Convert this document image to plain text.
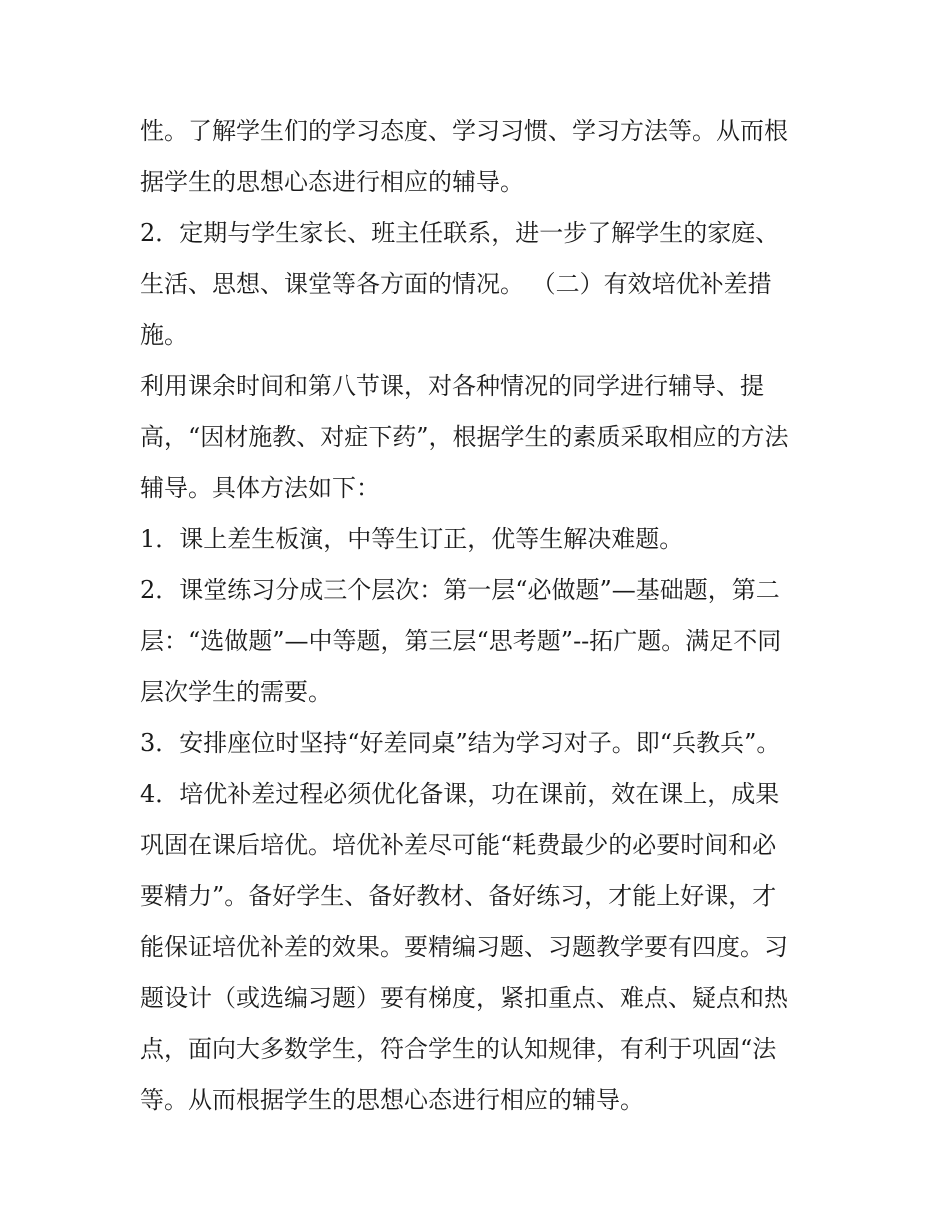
性。了解学生们的学习态度、学习习惯、学习方法等。从而根
据学生的思想心态进行相应的辅导。
2．定期与学生家长、班主任联系，进一步了解学生的家庭、
生活、思想、课堂等各方面的情况。 （二）有效培优补差措
施。
利用课余时间和第八节课，对各种情况的同学进行辅导、提
高，“因材施教、对症下药”，根据学生的素质采取相应的方法
辅导。具体方法如下：
1．课上差生板演，中等生订正，优等生解决难题。
2．课堂练习分成三个层次：第一层“必做题”—基础题，第二
层：“选做题”—中等题，第三层“思考题”--拓广题。满足不同
层次学生的需要。
3．安排座位时坚持“好差同桌”结为学习对子。即“兵教兵”。
4．培优补差过程必须优化备课，功在课前，效在课上，成果
巩固在课后培优。培优补差尽可能“耗费最少的必要时间和必
要精力”。备好学生、备好教材、备好练习，才能上好课，才
能保证培优补差的效果。要精编习题、习题教学要有四度。习
题设计（或选编习题）要有梯度，紧扣重点、难点、疑点和热
点，面向大多数学生，符合学生的认知规律，有利于巩固“法
等。从而根据学生的思想心态进行相应的辅导。
